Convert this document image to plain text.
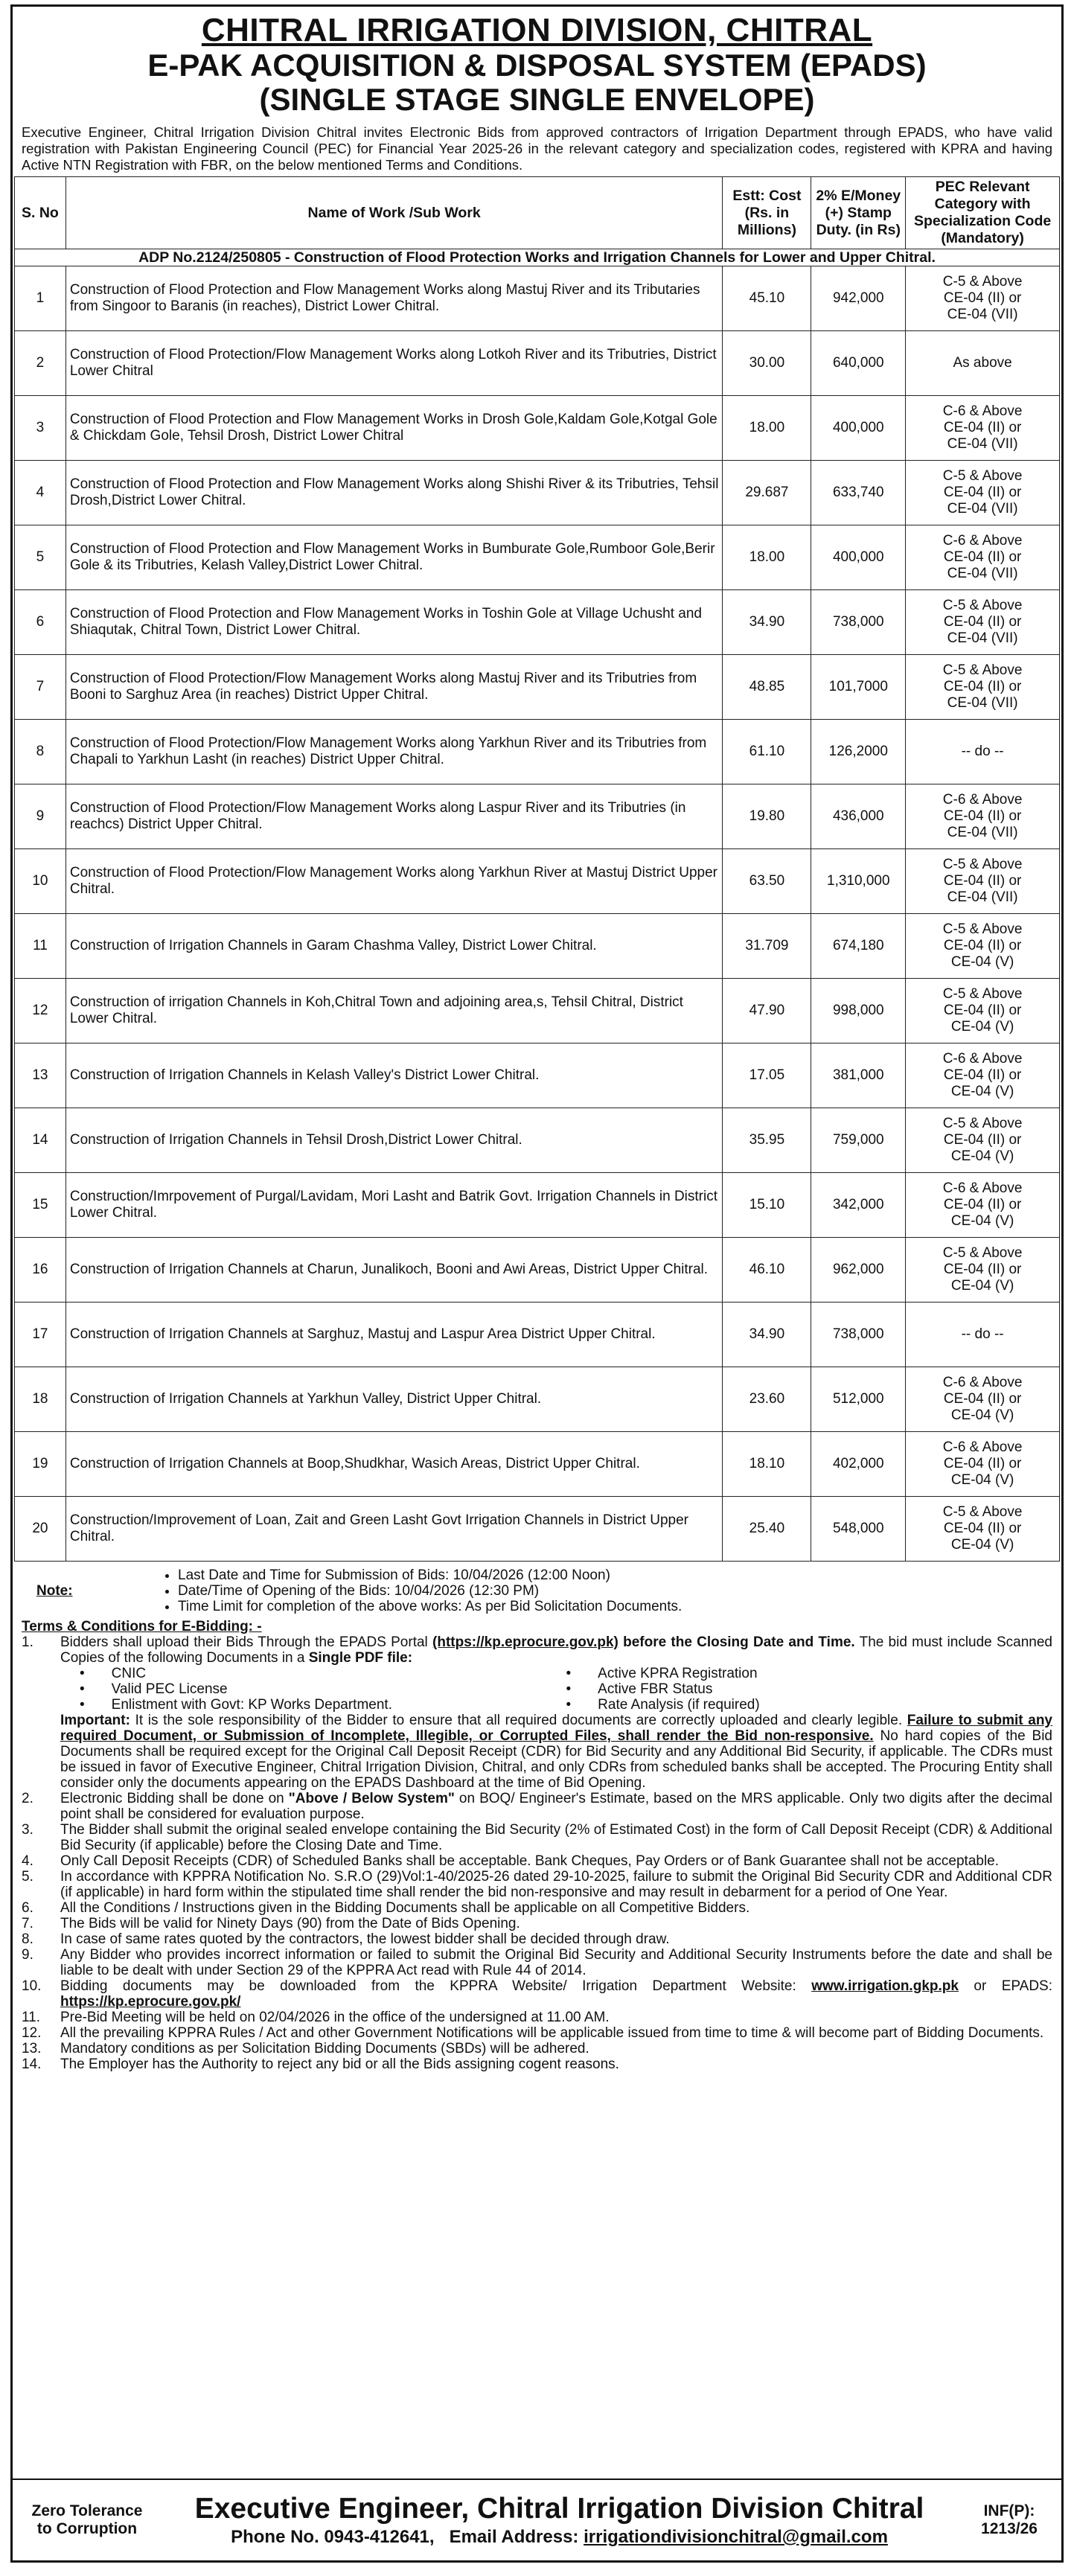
CHITRAL IRRIGATION DIVISION, CHITRAL
E-PAK ACQUISITION & DISPOSAL SYSTEM (EPADS)
(SINGLE STAGE SINGLE ENVELOPE)
Executive Engineer, Chitral Irrigation Division Chitral invites Electronic Bids from approved contractors of Irrigation Department through EPADS, who have valid registration with Pakistan Engineering Council (PEC) for Financial Year 2025-26 in the relevant category and specialization codes, registered with KPRA and having Active NTN Registration with FBR, on the below mentioned Terms and Conditions.
S. No	Name of Work /Sub Work	Estt: Cost (Rs. in Millions)	2% E/Money (+) Stamp Duty. (in Rs)	PEC Relevant Category with Specialization Code (Mandatory)
ADP No.2124/250805 - Construction of Flood Protection Works and Irrigation Channels for Lower and Upper Chitral.				
1	Construction of Flood Protection and Flow Management Works along Mastuj River and its Tributaries from Singoor to Baranis (in reaches), District Lower Chitral.	45.10	942,000	C-5 & Above
CE-04 (II) or
CE-04 (VII)

2	Construction of Flood Protection/Flow Management Works along Lotkoh River and its Tributries, District Lower Chitral	30.00	640,000	As above

3	Construction of Flood Protection and Flow Management Works in Drosh Gole,Kaldam Gole,Kotgal Gole & Chickdam Gole, Tehsil Drosh, District Lower Chitral	18.00	400,000	C-6 & Above
CE-04 (II) or
CE-04 (VII)

4	Construction of Flood Protection and Flow Management Works along Shishi River & its Tributries, Tehsil Drosh,District Lower Chitral.	29.687	633,740	C-5 & Above
CE-04 (II) or
CE-04 (VII)

5	Construction of Flood Protection and Flow Management Works in Bumburate Gole,Rumboor Gole,Berir Gole & its Tributries, Kelash Valley,District Lower Chitral.	18.00	400,000	C-6 & Above
CE-04 (II) or
CE-04 (VII)

6	Construction of Flood Protection and Flow Management Works in Toshin Gole at Village Uchusht and Shiaqutak, Chitral Town, District Lower Chitral.	34.90	738,000	C-5 & Above
CE-04 (II) or
CE-04 (VII)

7	Construction of Flood Protection/Flow Management Works along Mastuj River and its Tributries from Booni to Sarghuz Area (in reaches) District Upper Chitral.	48.85	101,7000	C-5 & Above
CE-04 (II) or
CE-04 (VII)

8	Construction of Flood Protection/Flow Management Works along Yarkhun River and its Tributries from Chapali to Yarkhun Lasht (in reaches) District Upper Chitral.	61.10	126,2000	-- do --

9	Construction of Flood Protection/Flow Management Works along Laspur River and its Tributries (in reachcs) District Upper Chitral.	19.80	436,000	C-6 & Above
CE-04 (II) or
CE-04 (VII)

10	Construction of Flood Protection/Flow Management Works along Yarkhun River at Mastuj District Upper Chitral.	63.50	1,310,000	C-5 & Above
CE-04 (II) or
CE-04 (VII)

11	Construction of Irrigation Channels in Garam Chashma Valley, District Lower Chitral.	31.709	674,180	C-5 & Above
CE-04 (II) or
CE-04 (V)

12	Construction of irrigation Channels in Koh,Chitral Town and adjoining area,s, Tehsil Chitral, District Lower Chitral.	47.90	998,000	C-5 & Above
CE-04 (II) or
CE-04 (V)

13	Construction of Irrigation Channels in Kelash Valley's District Lower Chitral.	17.05	381,000	C-6 & Above
CE-04 (II) or
CE-04 (V)

14	Construction of Irrigation Channels in Tehsil Drosh,District Lower Chitral.	35.95	759,000	C-5 & Above
CE-04 (II) or
CE-04 (V)

15	Construction/Imrpovement of Purgal/Lavidam, Mori Lasht and Batrik Govt. Irrigation Channels in District Lower Chitral.	15.10	342,000	C-6 & Above
CE-04 (II) or
CE-04 (V)

16	Construction of Irrigation Channels at Charun, Junalikoch, Booni and Awi Areas, District Upper Chitral.	46.10	962,000	C-5 & Above
CE-04 (II) or
CE-04 (V)

17	Construction of Irrigation Channels at Sarghuz, Mastuj and Laspur Area District Upper Chitral.	34.90	738,000	-- do --

18	Construction of Irrigation Channels at Yarkhun Valley, District Upper Chitral.	23.60	512,000	C-6 & Above
CE-04 (II) or
CE-04 (V)

19	Construction of Irrigation Channels at Boop,Shudkhar, Wasich Areas, District Upper Chitral.	18.10	402,000	C-6 & Above
CE-04 (II) or
CE-04 (V)

20	Construction/Improvement of Loan, Zait and Green Lasht Govt Irrigation Channels in District Upper Chitral.	25.40	548,000	C-5 & Above
CE-04 (II) or
CE-04 (V)
Note:
• Last Date and Time for Submission of Bids: 10/04/2026 (12:00 Noon)
• Date/Time of Opening of the Bids: 10/04/2026 (12:30 PM)
• Time Limit for completion of the above works: As per Bid Solicitation Documents.
Terms & Conditions for E-Bidding: -
1.	Bidders shall upload their Bids Through the EPADS Portal (https://kp.eprocure.gov.pk) before the Closing Date and Time. The bid must include Scanned Copies of the following Documents in a Single PDF file:
• CNIC	• Active KPRA Registration
• Valid PEC License	• Active FBR Status
• Enlistment with Govt: KP Works Department.	• Rate Analysis (if required)
Important: It is the sole responsibility of the Bidder to ensure that all required documents are correctly uploaded and clearly legible. Failure to submit any required Document, or Submission of Incomplete, Illegible, or Corrupted Files, shall render the Bid non-responsive. No hard copies of the Bid Documents shall be required except for the Original Call Deposit Receipt (CDR) for Bid Security and any Additional Bid Security, if applicable. The CDRs must be issued in favor of Executive Engineer, Chitral Irrigation Division, Chitral, and only CDRs from scheduled banks shall be accepted. The Procuring Entity shall consider only the documents appearing on the EPADS Dashboard at the time of Bid Opening.
2.	Electronic Bidding shall be done on "Above / Below System" on BOQ/ Engineer's Estimate, based on the MRS applicable. Only two digits after the decimal point shall be considered for evaluation purpose.
3.	The Bidder shall submit the original sealed envelope containing the Bid Security (2% of Estimated Cost) in the form of Call Deposit Receipt (CDR) & Additional Bid Security (if applicable) before the Closing Date and Time.
4.	Only Call Deposit Receipts (CDR) of Scheduled Banks shall be acceptable. Bank Cheques, Pay Orders or of Bank Guarantee shall not be acceptable.
5.	In accordance with KPPRA Notification No. S.R.O (29)Vol:1-40/2025-26 dated 29-10-2025, failure to submit the Original Bid Security CDR and Additional CDR (if applicable) in hard form within the stipulated time shall render the bid non-responsive and may result in debarment for a period of One Year.
6.	All the Conditions / Instructions given in the Bidding Documents shall be applicable on all Competitive Bidders.
7.	The Bids will be valid for Ninety Days (90) from the Date of Bids Opening.
8.	In case of same rates quoted by the contractors, the lowest bidder shall be decided through draw.
9.	Any Bidder who provides incorrect information or failed to submit the Original Bid Security and Additional Security Instruments before the date and shall be liable to be dealt with under Section 29 of the KPPRA Act read with Rule 44 of 2014.
10.	Bidding documents may be downloaded from the KPPRA Website/ Irrigation Department Website: www.irrigation.gkp.pk or EPADS: https://kp.eprocure.gov.pk/
11.	Pre-Bid Meeting will be held on 02/04/2026 in the office of the undersigned at 11.00 AM.
12.	All the prevailing KPPRA Rules / Act and other Government Notifications will be applicable issued from time to time & will become part of Bidding Documents.
13.	Mandatory conditions as per Solicitation Bidding Documents (SBDs) will be adhered.
14.	The Employer has the Authority to reject any bid or all the Bids assigning cogent reasons.
Zero Tolerance
to Corruption
Executive Engineer, Chitral Irrigation Division Chitral
Phone No. 0943-412641, Email Address: irrigationdivisionchitral@gmail.com
INF(P):
1213/26
